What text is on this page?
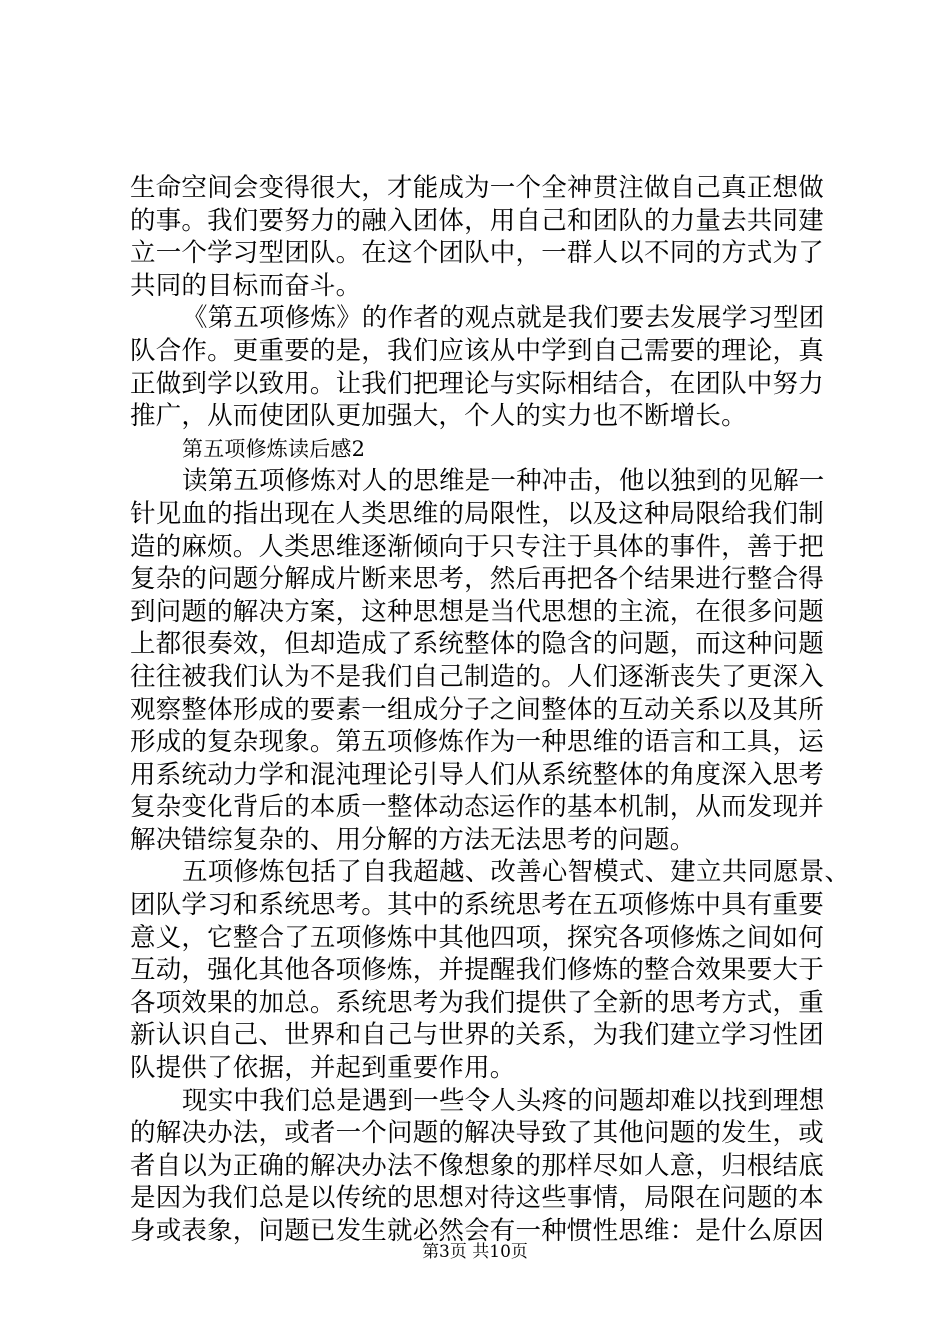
生命空间会变得很大，才能成为一个全神贯注做自己真正想做
的事。我们要努力的融入团体，用自己和团队的力量去共同建
立一个学习型团队。在这个团队中，一群人以不同的方式为了
共同的目标而奋斗。
《第五项修炼》的作者的观点就是我们要去发展学习型团
队合作。更重要的是，我们应该从中学到自己需要的理论，真
正做到学以致用。让我们把理论与实际相结合，在团队中努力
推广，从而使团队更加强大，个人的实力也不断增长。
第五项修炼读后感2
读第五项修炼对人的思维是一种冲击，他以独到的见解一
针见血的指出现在人类思维的局限性，以及这种局限给我们制
造的麻烦。人类思维逐渐倾向于只专注于具体的事件，善于把
复杂的问题分解成片断来思考，然后再把各个结果进行整合得
到问题的解决方案，这种思想是当代思想的主流，在很多问题
上都很奏效，但却造成了系统整体的隐含的问题，而这种问题
往往被我们认为不是我们自己制造的。人们逐渐丧失了更深入
观察整体形成的要素一组成分子之间整体的互动关系以及其所
形成的复杂现象。第五项修炼作为一种思维的语言和工具，运
用系统动力学和混沌理论引导人们从系统整体的角度深入思考
复杂变化背后的本质一整体动态运作的基本机制，从而发现并
解决错综复杂的、用分解的方法无法思考的问题。
五项修炼包括了自我超越、改善心智模式、建立共同愿景、
团队学习和系统思考。其中的系统思考在五项修炼中具有重要
意义，它整合了五项修炼中其他四项，探究各项修炼之间如何
互动，强化其他各项修炼，并提醒我们修炼的整合效果要大于
各项效果的加总。系统思考为我们提供了全新的思考方式，重
新认识自己、世界和自己与世界的关系，为我们建立学习性团
队提供了依据，并起到重要作用。
现实中我们总是遇到一些令人头疼的问题却难以找到理想
的解决办法，或者一个问题的解决导致了其他问题的发生，或
者自以为正确的解决办法不像想象的那样尽如人意，归根结底
是因为我们总是以传统的思想对待这些事情，局限在问题的本
身或表象，问题已发生就必然会有一种惯性思维：是什么原因
第3页 共10页
